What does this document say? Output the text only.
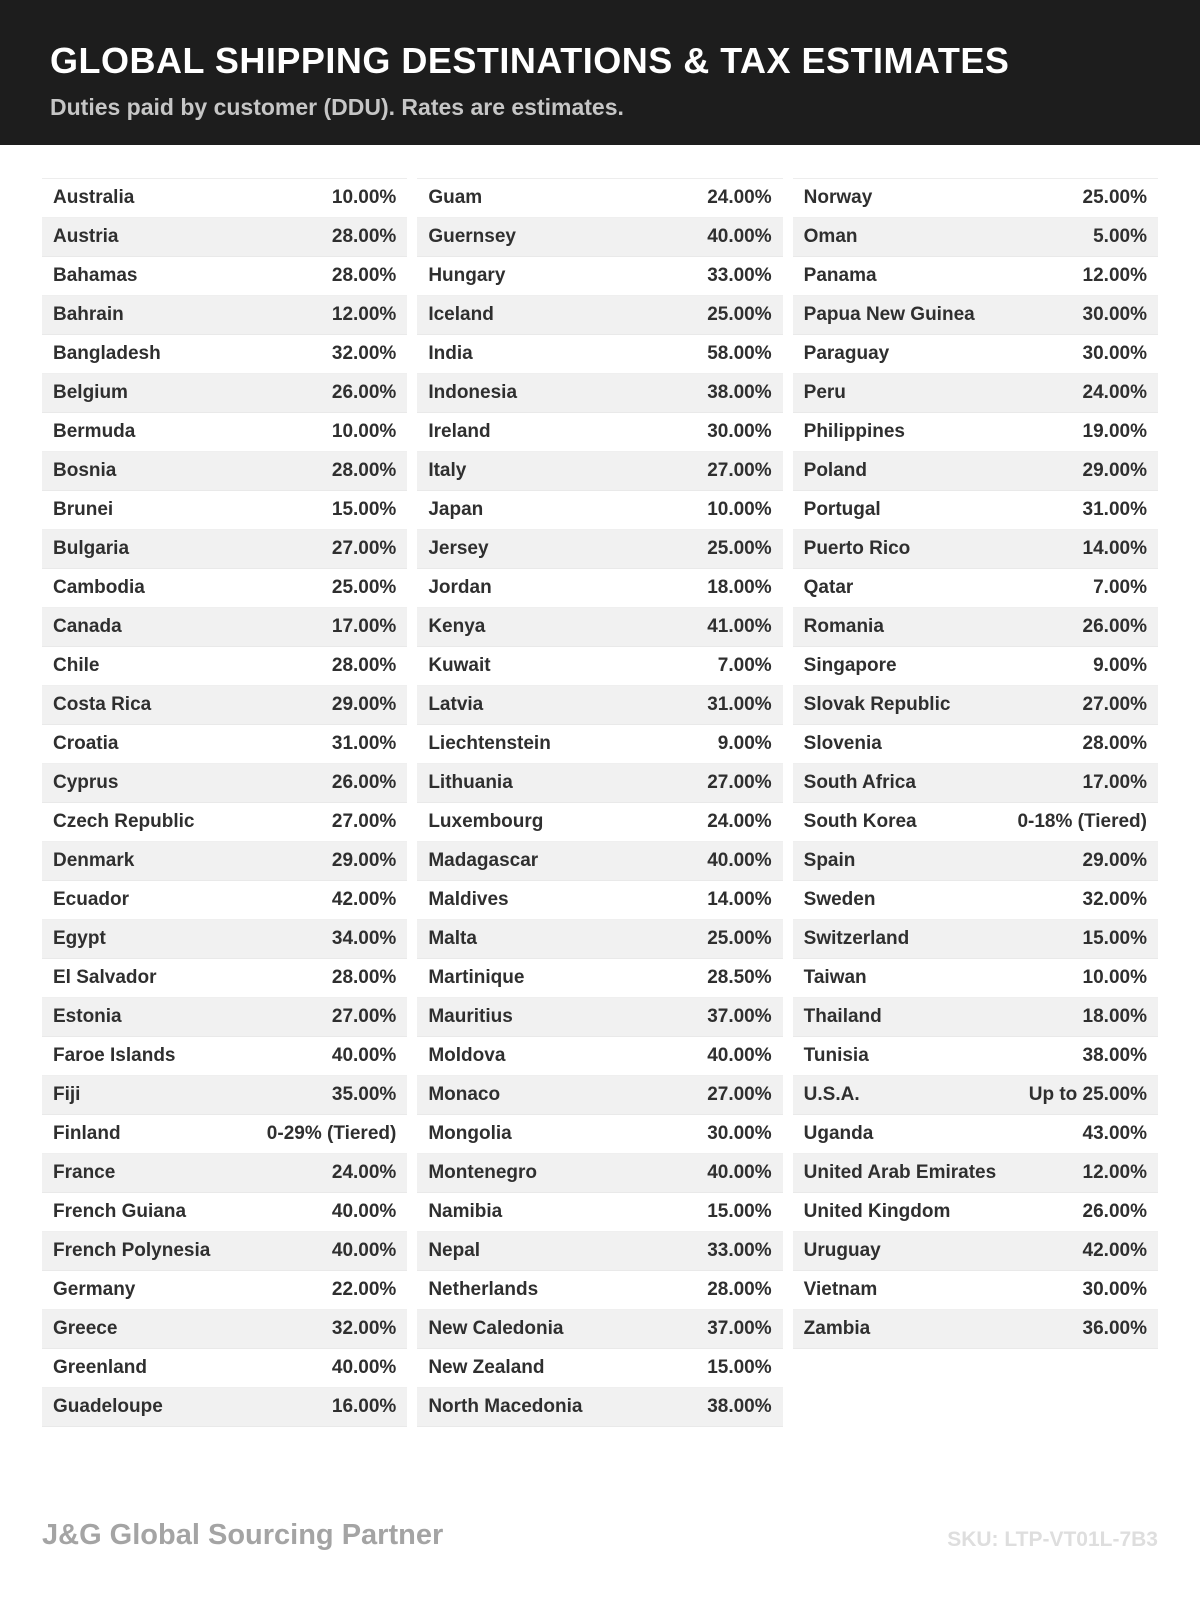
GLOBAL SHIPPING DESTINATIONS & TAX ESTIMATES
Duties paid by customer (DDU). Rates are estimates.
Australia	10.00%
Austria	28.00%
Bahamas	28.00%
Bahrain	12.00%
Bangladesh	32.00%
Belgium	26.00%
Bermuda	10.00%
Bosnia	28.00%
Brunei	15.00%
Bulgaria	27.00%
Cambodia	25.00%
Canada	17.00%
Chile	28.00%
Costa Rica	29.00%
Croatia	31.00%
Cyprus	26.00%
Czech Republic	27.00%
Denmark	29.00%
Ecuador	42.00%
Egypt	34.00%
El Salvador	28.00%
Estonia	27.00%
Faroe Islands	40.00%
Fiji	35.00%
Finland	0-29% (Tiered)
France	24.00%
French Guiana	40.00%
French Polynesia	40.00%
Germany	22.00%
Greece	32.00%
Greenland	40.00%
Guadeloupe	16.00%
Guam	24.00%
Guernsey	40.00%
Hungary	33.00%
Iceland	25.00%
India	58.00%
Indonesia	38.00%
Ireland	30.00%
Italy	27.00%
Japan	10.00%
Jersey	25.00%
Jordan	18.00%
Kenya	41.00%
Kuwait	7.00%
Latvia	31.00%
Liechtenstein	9.00%
Lithuania	27.00%
Luxembourg	24.00%
Madagascar	40.00%
Maldives	14.00%
Malta	25.00%
Martinique	28.50%
Mauritius	37.00%
Moldova	40.00%
Monaco	27.00%
Mongolia	30.00%
Montenegro	40.00%
Namibia	15.00%
Nepal	33.00%
Netherlands	28.00%
New Caledonia	37.00%
New Zealand	15.00%
North Macedonia	38.00%
Norway	25.00%
Oman	5.00%
Panama	12.00%
Papua New Guinea	30.00%
Paraguay	30.00%
Peru	24.00%
Philippines	19.00%
Poland	29.00%
Portugal	31.00%
Puerto Rico	14.00%
Qatar	7.00%
Romania	26.00%
Singapore	9.00%
Slovak Republic	27.00%
Slovenia	28.00%
South Africa	17.00%
South Korea	0-18% (Tiered)
Spain	29.00%
Sweden	32.00%
Switzerland	15.00%
Taiwan	10.00%
Thailand	18.00%
Tunisia	38.00%
U.S.A.	Up to 25.00%
Uganda	43.00%
United Arab Emirates	12.00%
United Kingdom	26.00%
Uruguay	42.00%
Vietnam	30.00%
Zambia	36.00%
J&G Global Sourcing Partner	SKU: LTP-VT01L-7B3
